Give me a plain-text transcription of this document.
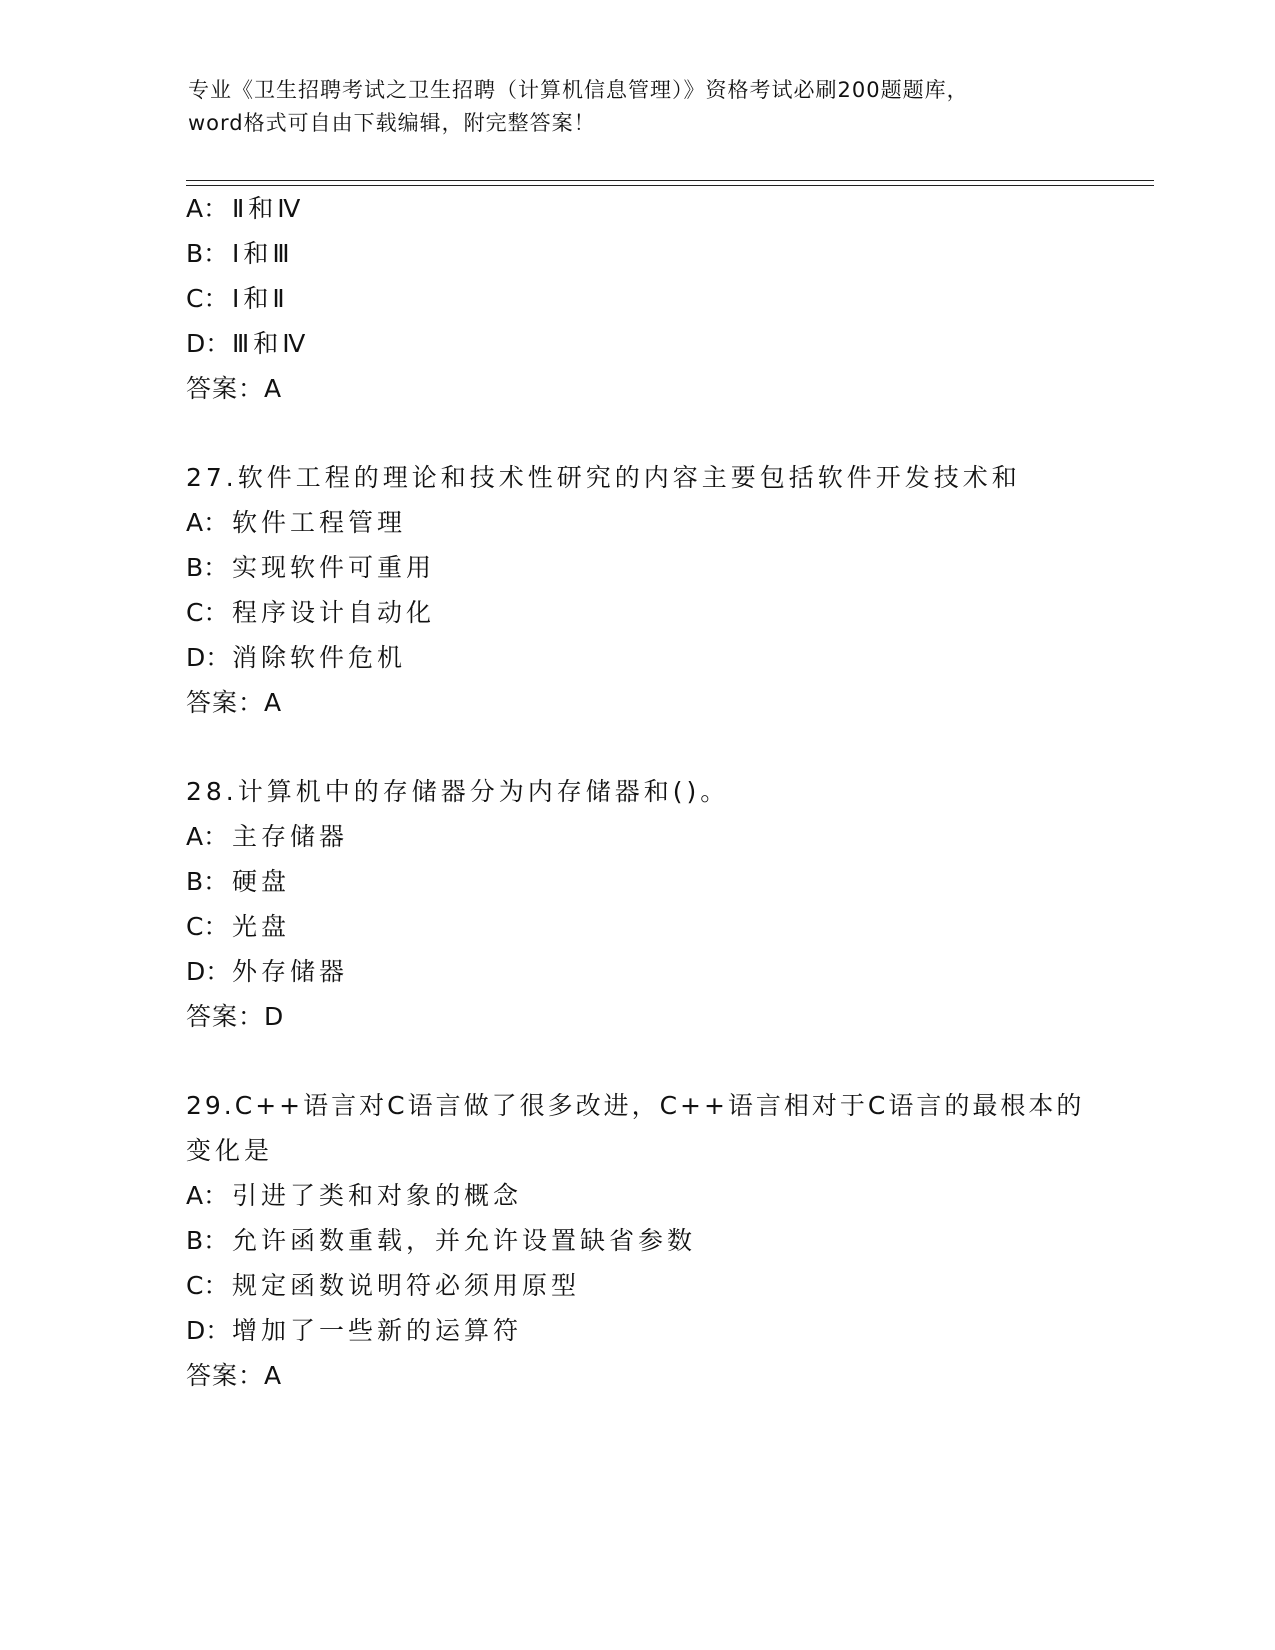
专业《卫生招聘考试之卫生招聘（计算机信息管理）》资格考试必刷200题题库，
word格式可自由下载编辑，附完整答案！
A： Ⅱ和Ⅳ
B： Ⅰ和Ⅲ
C： Ⅰ和Ⅱ
D：Ⅲ和Ⅳ
答案：A
27.软件工程的理论和技术性研究的内容主要包括软件开发技术和
A： 软件工程管理
B： 实现软件可重用
C： 程序设计自动化
D：消除软件危机
答案：A
28.计算机中的存储器分为内存储器和()。
A： 主存储器
B： 硬盘
C： 光盘
D：外存储器
答案：D
29.C++语言对C语言做了很多改进，C++语言相对于C语言的最根本的
变化是
A： 引进了类和对象的概念
B： 允许函数重载，并允许设置缺省参数
C： 规定函数说明符必须用原型
D：增加了一些新的运算符
答案：A
